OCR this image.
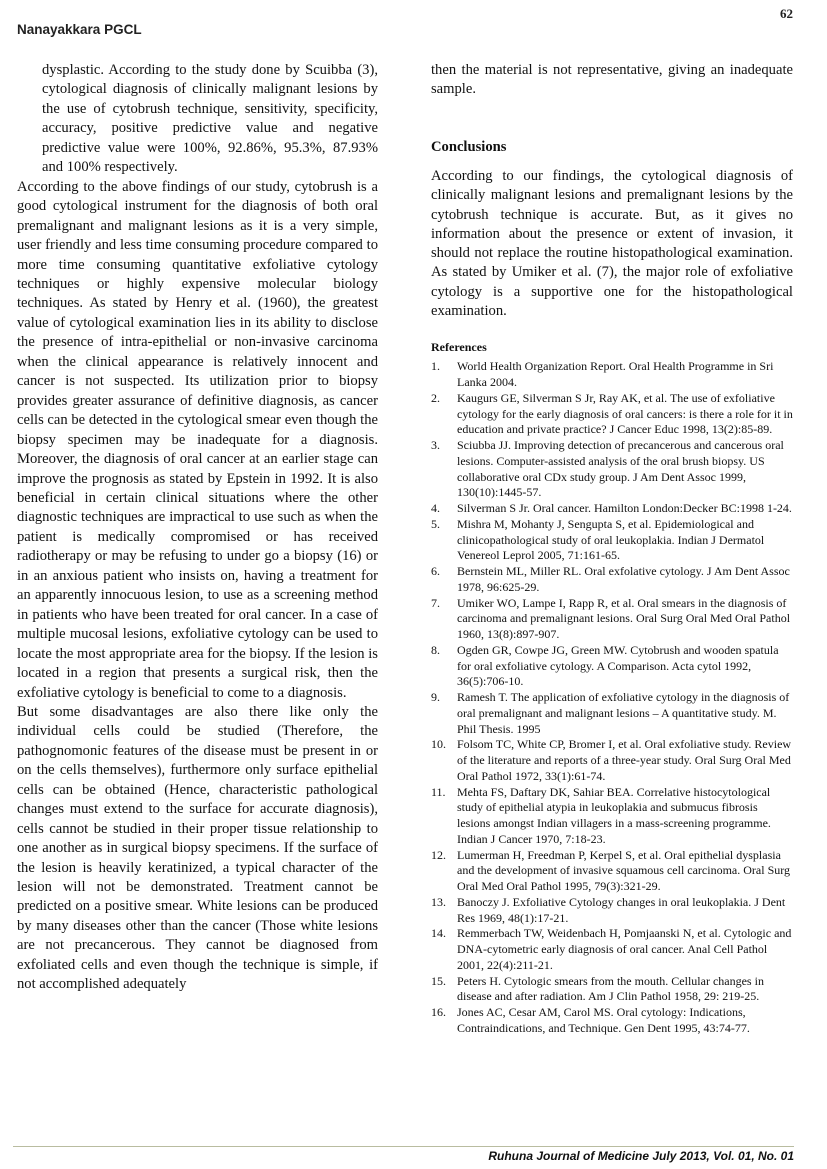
Nanayakkara PGCL
62

dysplastic. According to the study done by Scuibba (3), cytological diagnosis of clinically malignant lesions by the use of cytobrush technique, sensitivity, specificity, accuracy, positive predictive value and negative predictive value were 100%, 92.86%, 95.3%, 87.93% and 100% respectively.

According to the above findings of our study, cytobrush is a good cytological instrument for the diagnosis of both oral premalignant and malignant lesions as it is a very simple, user friendly and less time consuming procedure compared to more time consuming quantitative exfoliative cytology techniques or highly expensive molecular biology techniques. As stated by Henry et al. (1960), the greatest value of cytological examination lies in its ability to disclose the presence of intra-epithelial or non-invasive carcinoma when the clinical appearance is relatively innocent and cancer is not suspected. Its utilization prior to biopsy provides greater assurance of definitive diagnosis, as cancer cells can be detected in the cytological smear even though the biopsy specimen may be inadequate for a diagnosis. Moreover, the diagnosis of oral cancer at an earlier stage can improve the prognosis as stated by Epstein in 1992. It is also beneficial in certain clinical situations where the other diagnostic techniques are impractical to use such as when the patient is medically compromised or has received radiotherapy or may be refusing to under go a biopsy (16) or in an anxious patient who insists on, having a treatment for an apparently innocuous lesion, to use as a screening method in patients who have been treated for oral cancer. In a case of multiple mucosal lesions, exfoliative cytology can be used to locate the most appropriate area for the biopsy. If the lesion is located in a region that presents a surgical risk, then the exfoliative cytology is beneficial to come to a diagnosis.

But some disadvantages are also there like only the individual cells could be studied (Therefore, the pathognomonic features of the disease must be present in or on the cells themselves), furthermore only surface epithelial cells can be obtained (Hence, characteristic pathological changes must extend to the surface for accurate diagnosis), cells cannot be studied in their proper tissue relationship to one another as in surgical biopsy specimens. If the surface of the lesion is heavily keratinized, a typical character of the lesion will not be demonstrated. Treatment cannot be predicted on a positive smear. White lesions can be produced by many diseases other than the cancer (Those white lesions are not precancerous. They cannot be diagnosed from exfoliated cells and even though the technique is simple, if not accomplished adequately

then the material is not representative, giving an inadequate sample.

Conclusions

According to our findings, the cytological diagnosis of clinically malignant lesions and premalignant lesions by the cytobrush technique is accurate. But, as it gives no information about the presence or extent of invasion, it should not replace the routine histopathological examination. As stated by Umiker et al. (7), the major role of exfoliative cytology is a supportive one for the histopathological examination.

References
1. World Health Organization Report. Oral Health Programme in Sri Lanka 2004.
2. Kaugurs GE, Silverman S Jr, Ray AK, et al. The use of exfoliative cytology for the early diagnosis of oral cancers: is there a role for it in education and private practice? J Cancer Educ 1998, 13(2):85-89.
3. Sciubba JJ. Improving detection of precancerous and cancerous oral lesions. Computer-assisted analysis of the oral brush biopsy. US collaborative oral CDx study group. J Am Dent Assoc 1999, 130(10):1445-57.
4. Silverman S Jr. Oral cancer. Hamilton London:Decker BC:1998 1-24.
5. Mishra M, Mohanty J, Sengupta S, et al. Epidemiological and clinicopathological study of oral leukoplakia. Indian J Dermatol Venereol Leprol 2005, 71:161-65.
6. Bernstein ML, Miller RL. Oral exfolative cytology. J Am Dent Assoc 1978, 96:625-29.
7. Umiker WO, Lampe I, Rapp R, et al. Oral smears in the diagnosis of carcinoma and premalignant lesions. Oral Surg Oral Med Oral Pathol 1960, 13(8):897-907.
8. Ogden GR, Cowpe JG, Green MW. Cytobrush and wooden spatula for oral exfoliative cytology. A Comparison. Acta cytol 1992, 36(5):706-10.
9. Ramesh T. The application of exfoliative cytology in the diagnosis of oral premalignant and malignant lesions – A quantitative study. M. Phil Thesis. 1995
10. Folsom TC, White CP, Bromer I, et al. Oral exfoliative study. Review of the literature and reports of a three-year study. Oral Surg Oral Med Oral Pathol 1972, 33(1):61-74.
11. Mehta FS, Daftary DK, Sahiar BEA. Correlative histocytological study of epithelial atypia in leukoplakia and submucus fibrosis lesions amongst Indian villagers in a mass-screening programme. Indian J Cancer 1970, 7:18-23.
12. Lumerman H, Freedman P, Kerpel S, et al. Oral epithelial dysplasia and the development of invasive squamous cell carcinoma. Oral Surg Oral Med Oral Pathol 1995, 79(3):321-29.
13. Banoczy J. Exfoliative Cytology changes in oral leukoplakia. J Dent Res 1969, 48(1):17-21.
14. Remmerbach TW, Weidenbach H, Pomjaanski N, et al. Cytologic and DNA-cytometric early diagnosis of oral cancer. Anal Cell Pathol 2001, 22(4):211-21.
15. Peters H. Cytologic smears from the mouth. Cellular changes in disease and after radiation. Am J Clin Pathol 1958, 29: 219-25.
16. Jones AC, Cesar AM, Carol MS. Oral cytology: Indications, Contraindications, and Technique. Gen Dent 1995, 43:74-77.
Ruhuna Journal of Medicine July 2013, Vol. 01, No. 01
